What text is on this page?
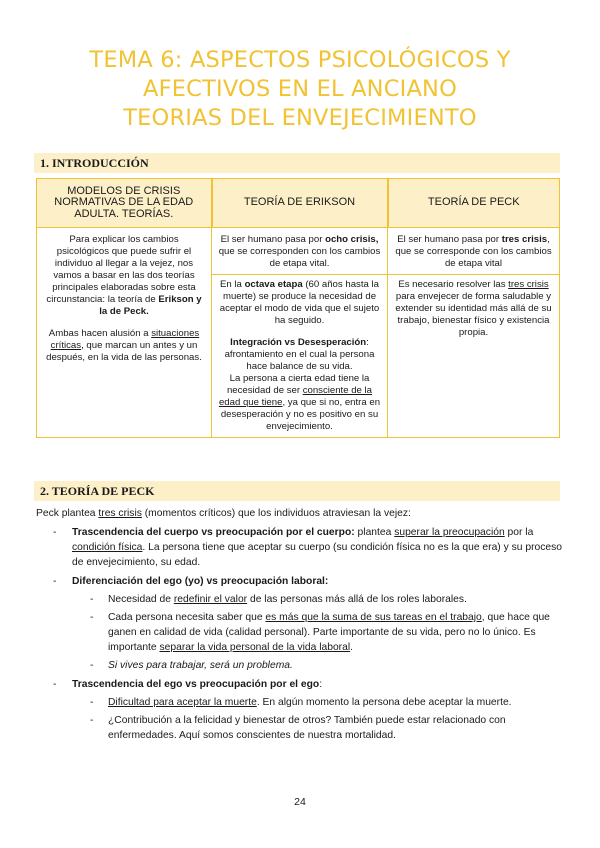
TEMA 6: ASPECTOS PSICOLÓGICOS Y
AFECTIVOS EN EL ANCIANO
TEORIAS DEL ENVEJECIMIENTO
1. INTRODUCCIÓN
MODELOS DE CRISIS NORMATIVAS DE LA EDAD ADULTA. TEORÍAS.	TEORÍA DE ERIKSON	TEORÍA DE PECK

Para explicar los cambios psicológicos que puede sufrir el individuo al llegar a la vejez, nos vamos a basar en las dos teorías principales elaboradas sobre esta circunstancia: la teoría de Erikson y la de Peck.

Ambas hacen alusión a situaciones críticas, que marcan un antes y un después, en la vida de las personas.	El ser humano pasa por ocho crisis, que se corresponden con los cambios de etapa vital.	El ser humano pasa por tres crisis, que se corresponde con los cambios de etapa vital

	En la octava etapa (60 años hasta la muerte) se produce la necesidad de aceptar el modo de vida que el sujeto ha seguido.

Integración vs Desesperación: afrontamiento en el cual la persona hace balance de su vida.

La persona a cierta edad tiene la necesidad de ser consciente de la edad que tiene, ya que si no, entra en desesperación y no es positivo en su envejecimiento.	Es necesario resolver las tres crisis para envejecer de forma saludable y extender su identidad más allá de su trabajo, bienestar físico y existencia propia.
2. TEORÍA DE PECK
Peck plantea tres crisis (momentos críticos) que los individuos atraviesan la vejez:
- Trascendencia del cuerpo vs preocupación por el cuerpo: plantea superar la preocupación por la condición física. La persona tiene que aceptar su cuerpo (su condición física no es la que era) y su proceso de envejecimiento, su edad.
- Diferenciación del ego (yo) vs preocupación laboral:
- Necesidad de redefinir el valor de las personas más allá de los roles laborales.
- Cada persona necesita saber que es más que la suma de sus tareas en el trabajo, que hace que ganen en calidad de vida (calidad personal). Parte importante de su vida, pero no lo único. Es importante separar la vida personal de la vida laboral.
- Si vives para trabajar, será un problema.
- Trascendencia del ego vs preocupación por el ego:
- Dificultad para aceptar la muerte. En algún momento la persona debe aceptar la muerte.
- ¿Contribución a la felicidad y bienestar de otros? También puede estar relacionado con enfermedades. Aquí somos conscientes de nuestra mortalidad.
24
